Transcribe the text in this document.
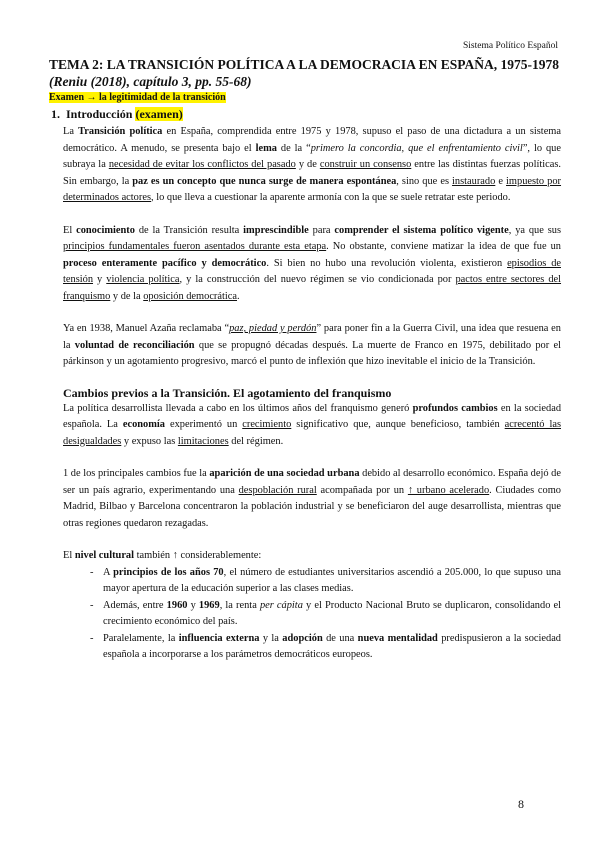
Sistema Político Español
TEMA 2: LA TRANSICIÓN POLÍTICA A LA DEMOCRACIA EN ESPAÑA, 1975-1978
(Reniu (2018), capítulo 3, pp. 55-68)
Examen → la legitimidad de la transición
1. Introducción (examen)

La Transición política en España, comprendida entre 1975 y 1978, supuso el paso de una dictadura a un sistema democrático. A menudo, se presenta bajo el lema de la “primero la concordia, que el enfrentamiento civil”, lo que subraya la necesidad de evitar los conflictos del pasado y de construir un consenso entre las distintas fuerzas políticas. Sin embargo, la paz es un concepto que nunca surge de manera espontánea, sino que es instaurado e impuesto por determinados actores, lo que lleva a cuestionar la aparente armonía con la que se suele retratar este periodo.

El conocimiento de la Transición resulta imprescindible para comprender el sistema político vigente, ya que sus principios fundamentales fueron asentados durante esta etapa. No obstante, conviene matizar la idea de que fue un proceso enteramente pacífico y democrático. Si bien no hubo una revolución violenta, existieron episodios de tensión y violencia política, y la construcción del nuevo régimen se vio condicionada por pactos entre sectores del franquismo y de la oposición democrática.

Ya en 1938, Manuel Azaña reclamaba “paz, piedad y perdón” para poner fin a la Guerra Civil, una idea que resuena en la voluntad de reconciliación que se propugnó décadas después. La muerte de Franco en 1975, debilitado por el párkinson y un agotamiento progresivo, marcó el punto de inflexión que hizo inevitable el inicio de la Transición.

Cambios previos a la Transición. El agotamiento del franquismo

La política desarrollista llevada a cabo en los últimos años del franquismo generó profundos cambios en la sociedad española. La economía experimentó un crecimiento significativo que, aunque beneficioso, también acrecentó las desigualdades y expuso las limitaciones del régimen.

1 de los principales cambios fue la aparición de una sociedad urbana debido al desarrollo económico. España dejó de ser un país agrario, experimentando una despoblación rural acompañada por un ↑ urbano acelerado. Ciudades como Madrid, Bilbao y Barcelona concentraron la población industrial y se beneficiaron del auge desarrollista, mientras que otras regiones quedaron rezagadas.

El nivel cultural también ↑ considerablemente:

- A principios de los años 70, el número de estudiantes universitarios ascendió a 205.000, lo que supuso una mayor apertura de la educación superior a las clases medias.
- Además, entre 1960 y 1969, la renta per cápita y el Producto Nacional Bruto se duplicaron, consolidando el crecimiento económico del país.
- Paralelamente, la influencia externa y la adopción de una nueva mentalidad predispusieron a la sociedad española a incorporarse a los parámetros democráticos europeos.
8
